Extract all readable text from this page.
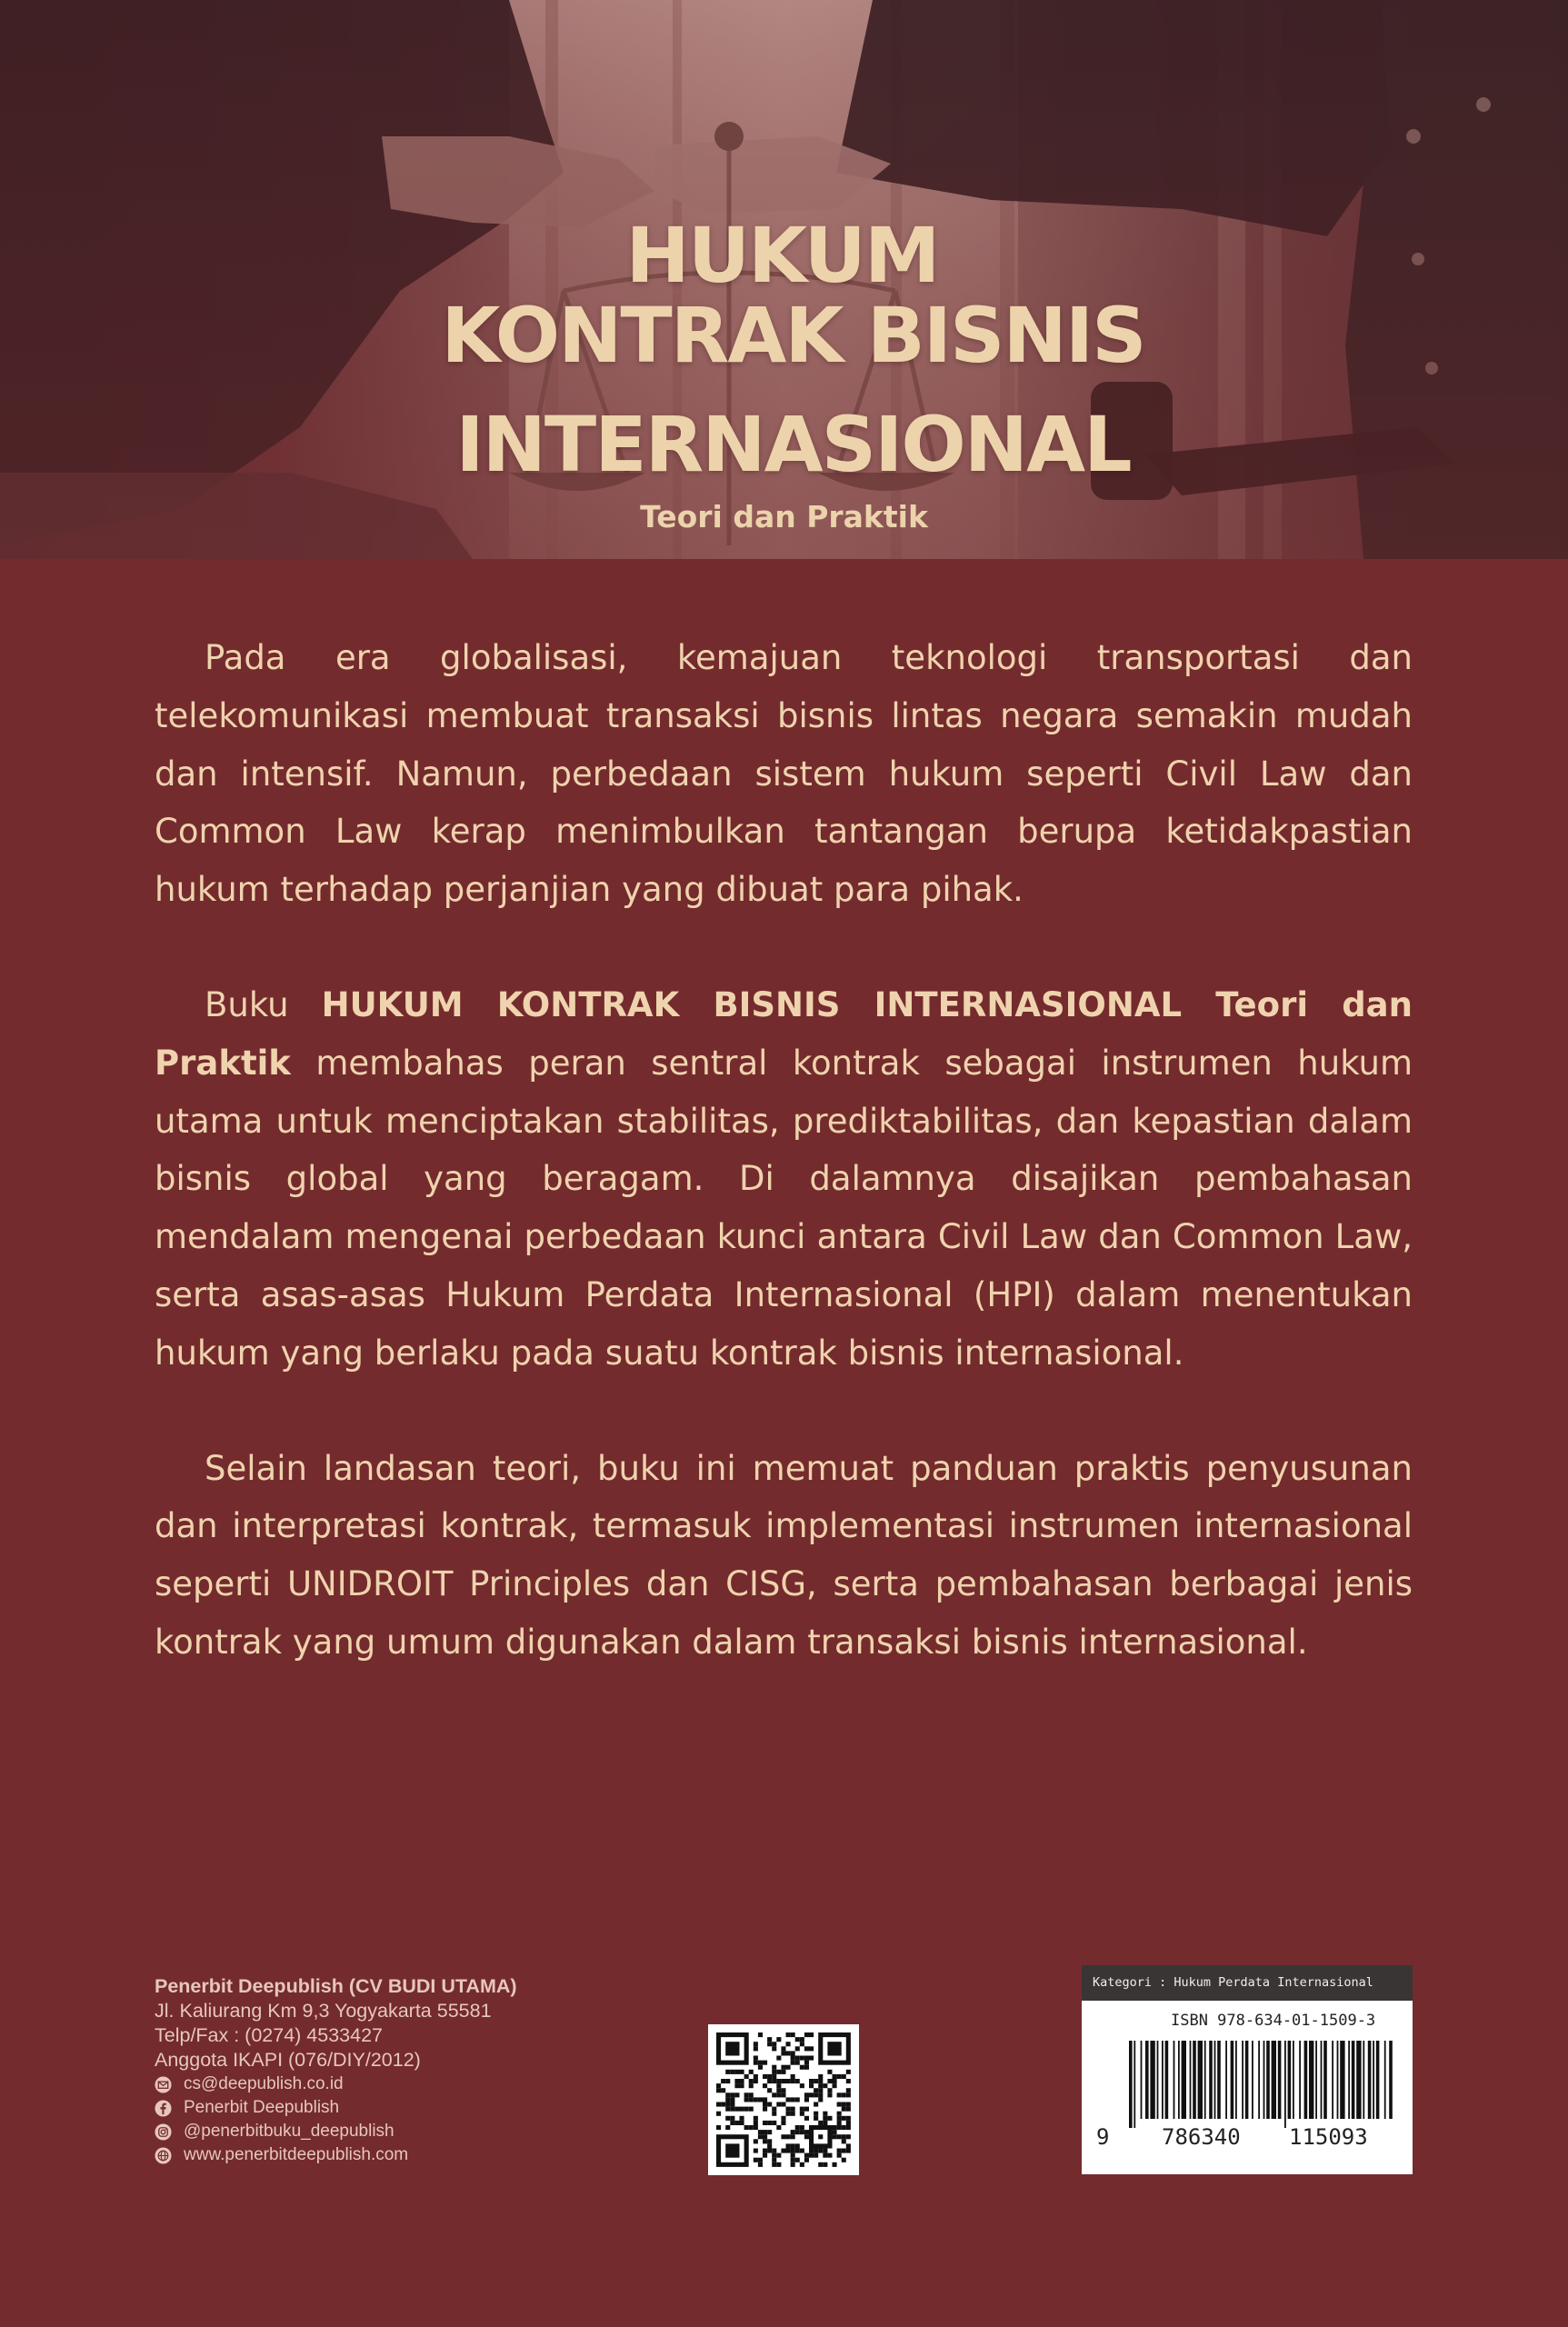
HUKUM
KONTRAK BISNIS
INTERNASIONAL
Teori dan Praktik

Pada era globalisasi, kemajuan teknologi transportasi dan telekomunikasi membuat transaksi bisnis lintas negara semakin mudah dan intensif. Namun, perbedaan sistem hukum seperti Civil Law dan Common Law kerap menimbulkan tantangan berupa ketidakpastian hukum terhadap perjanjian yang dibuat para pihak.

Buku HUKUM KONTRAK BISNIS INTERNASIONAL Teori dan Praktik membahas peran sentral kontrak sebagai instrumen hukum utama untuk menciptakan stabilitas, prediktabilitas, dan kepastian dalam bisnis global yang beragam. Di dalamnya disajikan pembahasan mendalam mengenai perbedaan kunci antara Civil Law dan Common Law, serta asas-asas Hukum Perdata Internasional (HPI) dalam menentukan hukum yang berlaku pada suatu kontrak bisnis internasional.

Selain landasan teori, buku ini memuat panduan praktis penyusunan dan interpretasi kontrak, termasuk implementasi instrumen internasional seperti UNIDROIT Principles dan CISG, serta pembahasan berbagai jenis kontrak yang umum digunakan dalam transaksi bisnis internasional.

Penerbit Deepublish (CV BUDI UTAMA)
Jl. Kaliurang Km 9,3 Yogyakarta 55581
Telp/Fax : (0274) 4533427
Anggota IKAPI (076/DIY/2012)
cs@deepublish.co.id
Penerbit Deepublish
@penerbitbuku_deepublish
www.penerbitdeepublish.com
Kategori : Hukum Perdata Internasional
ISBN 978-634-01-1509-3
9 786340 115093
